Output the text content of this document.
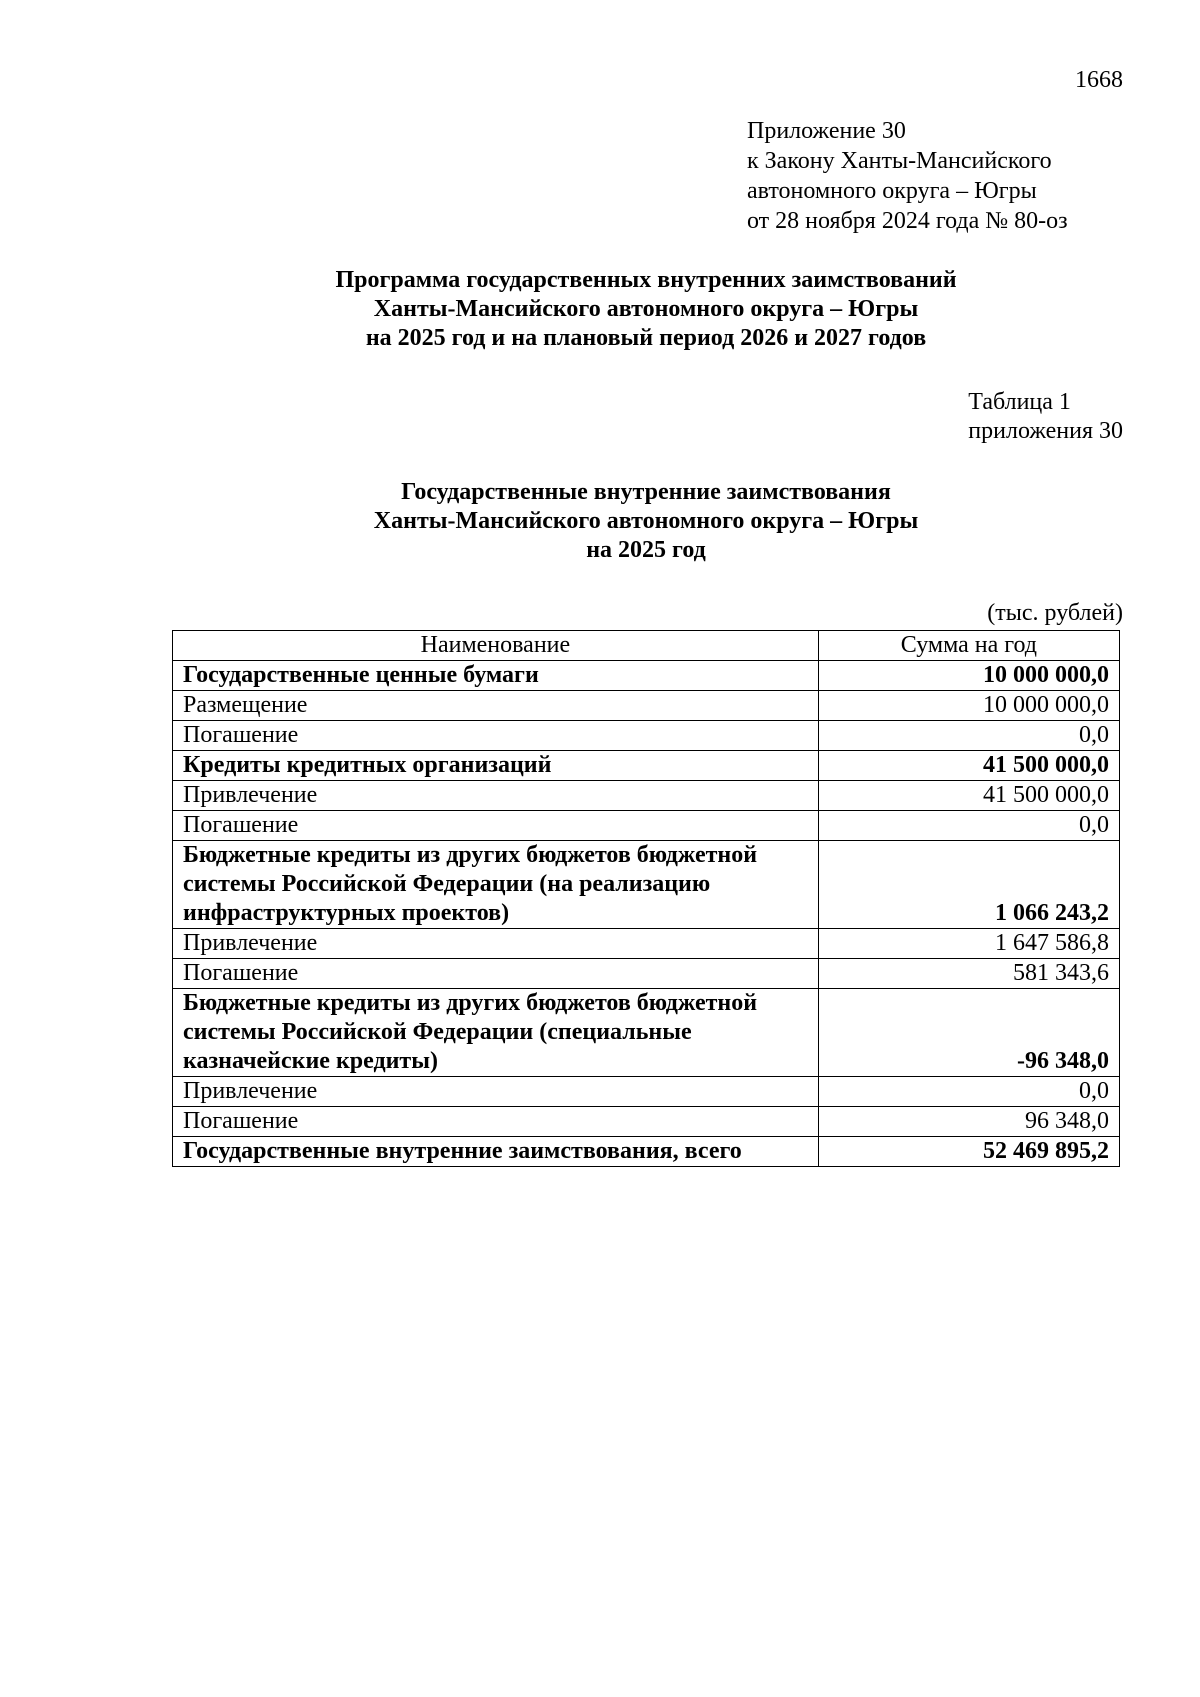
1668
Приложение 30
к Закону Ханты-Мансийского
автономного округа – Югры
от 28 ноября 2024 года № 80-оз
Программа государственных внутренних заимствований
Ханты-Мансийского автономного округа – Югры
на 2025 год и на плановый период 2026 и 2027 годов
Таблица 1
приложения 30
Государственные внутренние заимствования
Ханты-Мансийского автономного округа – Югры
на 2025 год
(тыс. рублей)
Наименование	Сумма на год
Государственные ценные бумаги	10 000 000,0
Размещение	10 000 000,0
Погашение	0,0
Кредиты кредитных организаций	41 500 000,0
Привлечение	41 500 000,0
Погашение	0,0
Бюджетные кредиты из других бюджетов бюджетной системы Российской Федерации (на реализацию инфраструктурных проектов)	1 066 243,2
Привлечение	1 647 586,8
Погашение	581 343,6
Бюджетные кредиты из других бюджетов бюджетной системы Российской Федерации (специальные казначейские кредиты)	-96 348,0
Привлечение	0,0
Погашение	96 348,0
Государственные внутренние заимствования, всего	52 469 895,2
